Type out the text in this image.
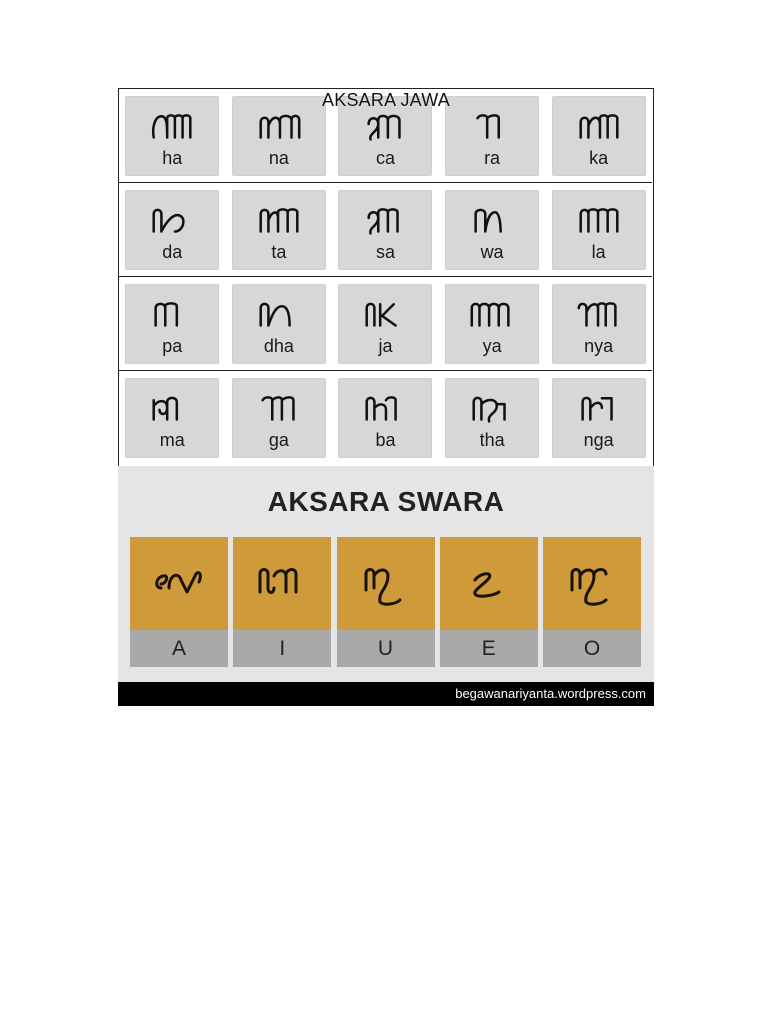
AKSARA JAWA
ha	na	ca	ra	ka
da	ta	sa	wa	la
pa	dha	ja	ya	nya
ma	ga	ba	tha	nga
AKSARA SWARA
A	I	U	E	O
begawanariyanta.wordpress.com
